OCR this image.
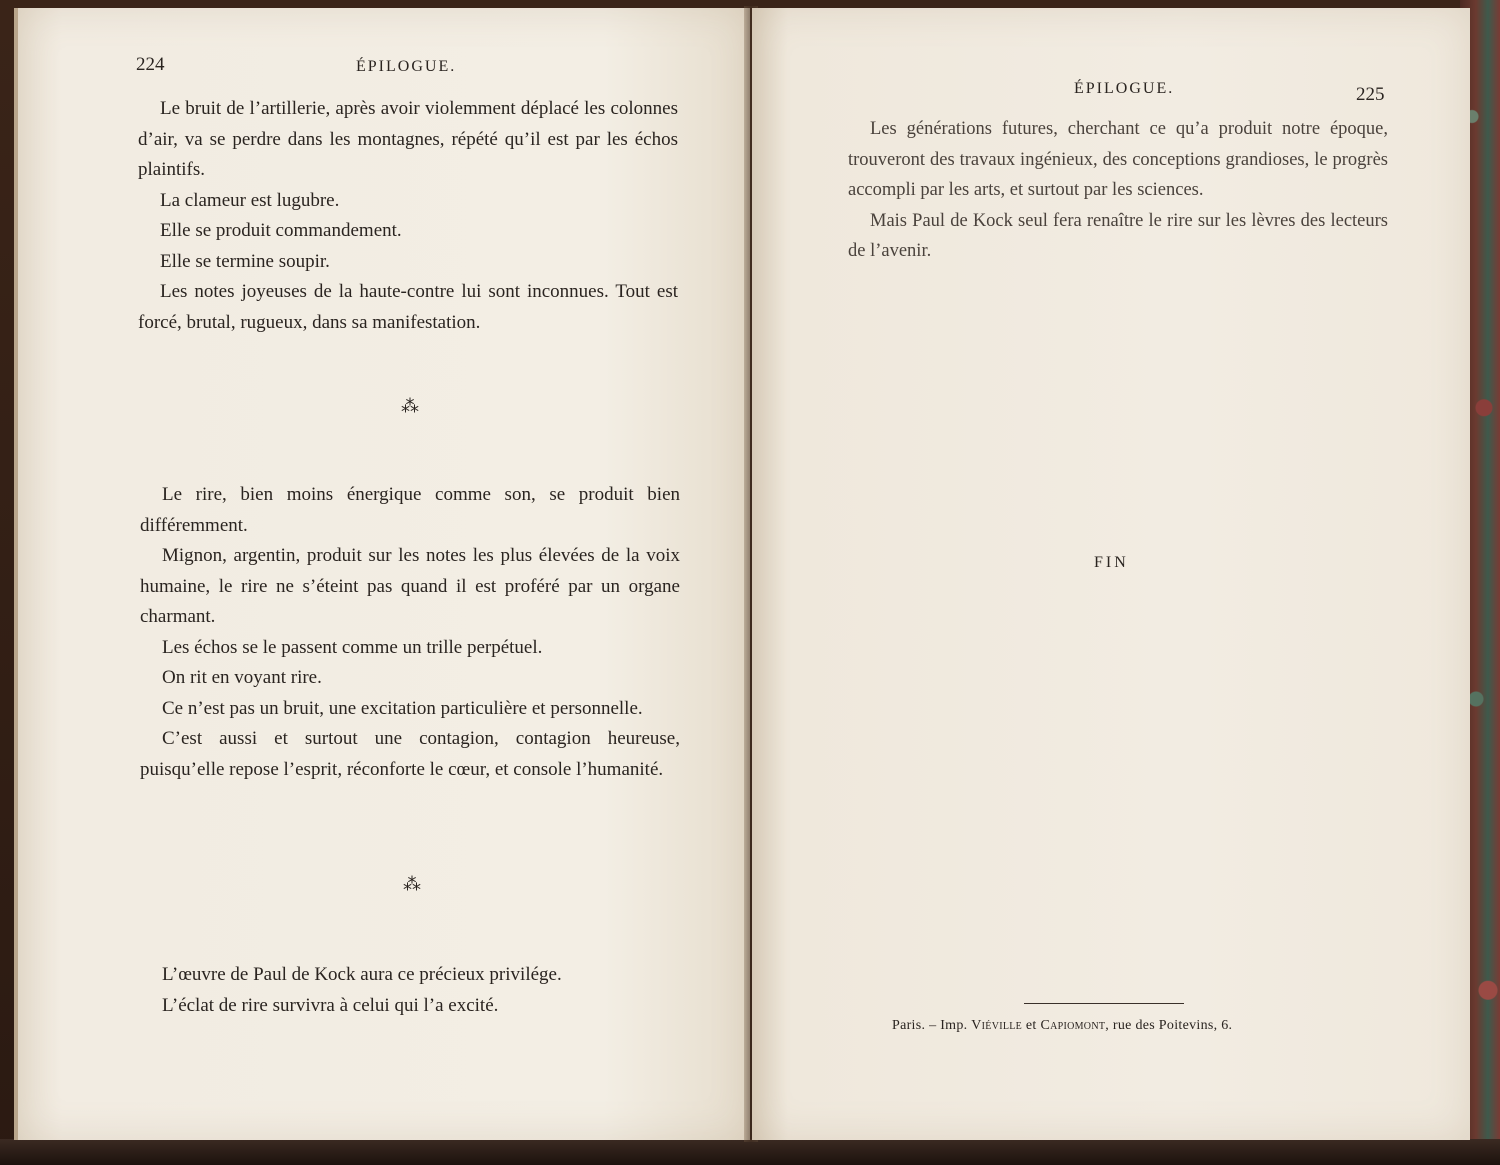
224	ÉPILOGUE.

Le bruit de l’artillerie, après avoir violemment déplacé les colonnes d’air, va se perdre dans les montagnes, répété qu’il est par les échos plaintifs.

La clameur est lugubre.

Elle se produit commandement.

Elle se termine soupir.

Les notes joyeuses de la haute-contre lui sont inconnues. Tout est forcé, brutal, rugueux, dans sa manifestation.

⁂

Le rire, bien moins énergique comme son, se produit bien différemment.

Mignon, argentin, produit sur les notes les plus élevées de la voix humaine, le rire ne s’éteint pas quand il est proféré par un organe charmant.

Les échos se le passent comme un trille perpétuel.

On rit en voyant rire.

Ce n’est pas un bruit, une excitation particulière et personnelle.

C’est aussi et surtout une contagion, contagion heureuse, puisqu’elle repose l’esprit, réconforte le cœur, et console l’humanité.

⁂

L’œuvre de Paul de Kock aura ce précieux privilége.

L’éclat de rire survivra à celui qui l’a excité.

ÉPILOGUE.	225

Les générations futures, cherchant ce qu’a produit notre époque, trouveront des travaux ingénieux, des conceptions grandioses, le progrès accompli par les arts, et surtout par les sciences.

Mais Paul de Kock seul fera renaître le rire sur les lèvres des lecteurs de l’avenir.

FIN
Paris. – Imp. Viéville et Capiomont, rue des Poitevins, 6.
